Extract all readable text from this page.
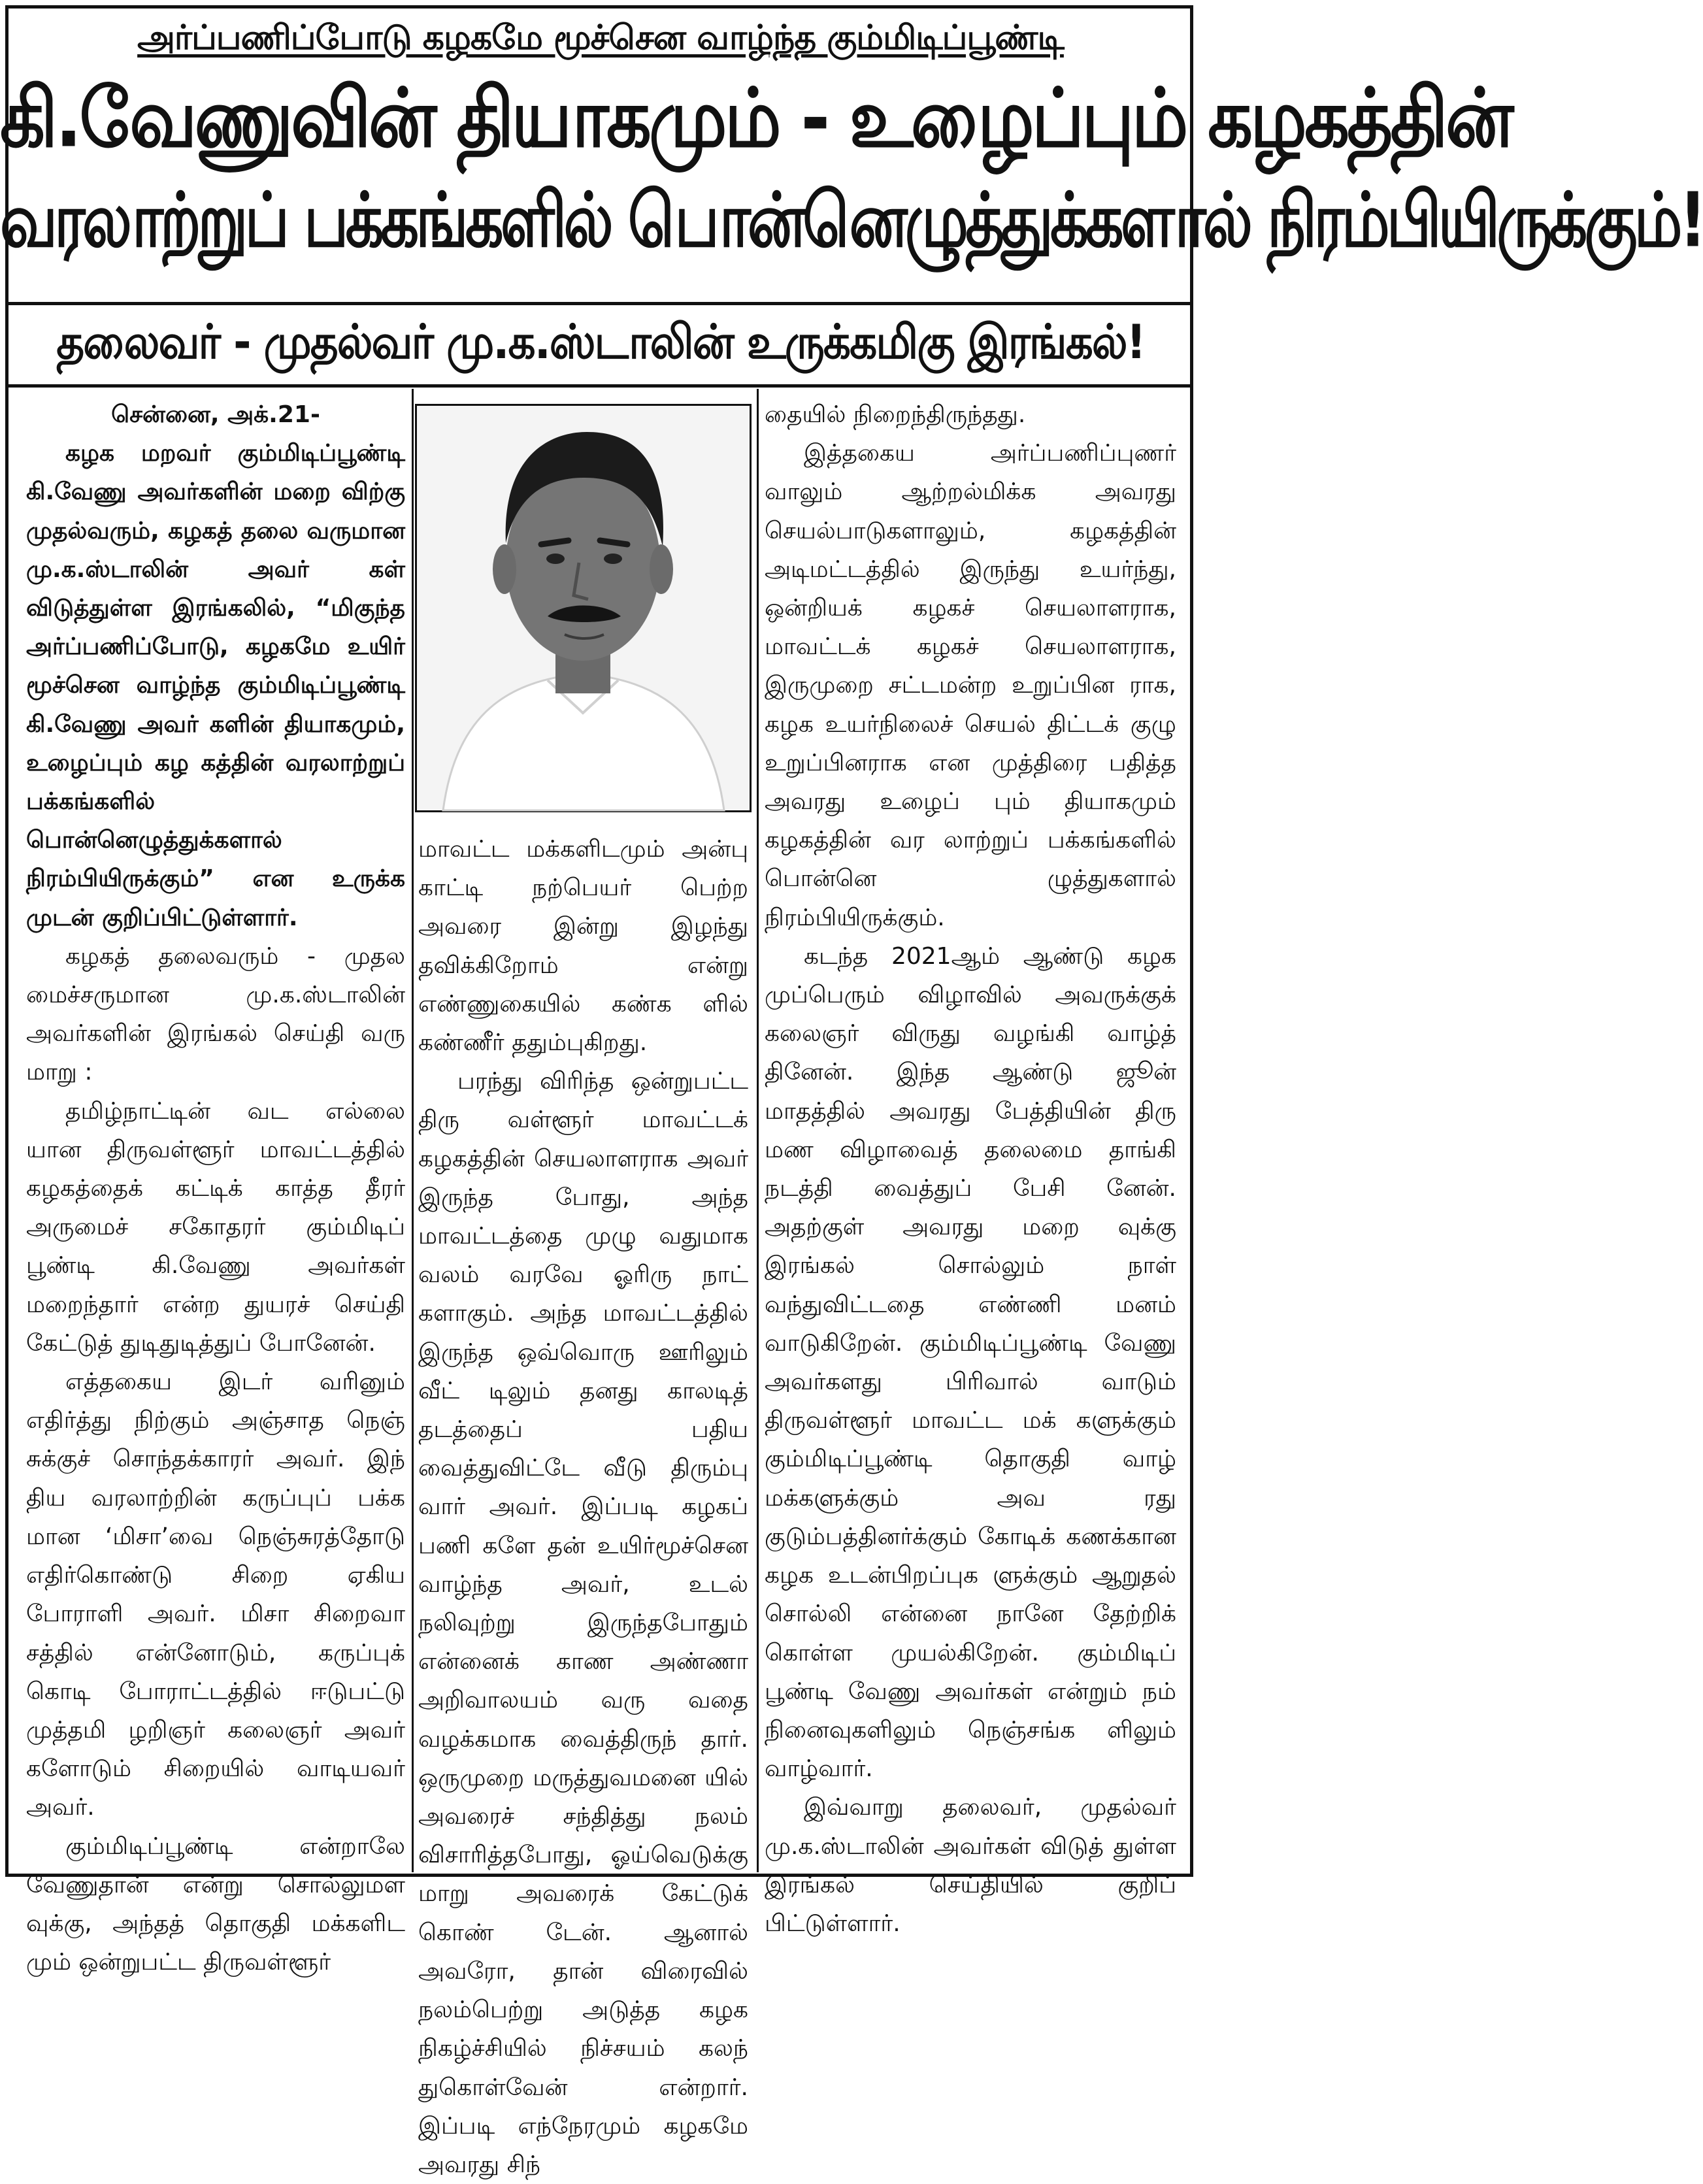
அர்ப்பணிப்போடு கழகமே மூச்சென வாழ்ந்த கும்மிடிப்பூண்டி
கி.வேணுவின் தியாகமும் - உழைப்பும் கழகத்தின்
வரலாற்றுப் பக்கங்களில் பொன்னெழுத்துக்களால் நிரம்பியிருக்கும்!
தலைவர் - முதல்வர் மு.க.ஸ்டாலின் உருக்கமிகு இரங்கல்!

சென்னை, அக்.21-

கழக மறவர் கும்மிடிப்பூண்டி கி.வேணு அவர்களின் மறை விற்கு முதல்வரும், கழகத் தலை வருமான மு.க.ஸ்டாலின் அவர் கள் விடுத்துள்ள இரங்கலில், “மிகுந்த அர்ப்பணிப்போடு, கழகமே உயிர் மூச்சென வாழ்ந்த கும்மிடிப்பூண்டி கி.வேணு அவர் களின் தியாகமும், உழைப்பும் கழ கத்தின் வரலாற்றுப் பக்கங்களில் பொன்னெழுத்துக்களால் நிரம்பியிருக்கும்” என உருக்க முடன் குறிப்பிட்டுள்ளார்.

கழகத் தலைவரும் - முதல மைச்சருமான மு.க.ஸ்டாலின் அவர்களின் இரங்கல் செய்தி வரு மாறு :

தமிழ்நாட்டின் வட எல்லை யான திருவள்ளூர் மாவட்டத்தில் கழகத்தைக் கட்டிக் காத்த தீரர் அருமைச் சகோதரர் கும்மிடிப் பூண்டி கி.வேணு அவர்கள் மறைந்தார் என்ற துயரச் செய்தி கேட்டுத் துடிதுடித்துப் போனேன்.

எத்தகைய இடர் வரினும் எதிர்த்து நிற்கும் அஞ்சாத நெஞ் சுக்குச் சொந்தக்காரர் அவர். இந் திய வரலாற்றின் கருப்புப் பக்க மான ‘மிசா’வை நெஞ்சுரத்தோடு எதிர்கொண்டு சிறை ஏகிய போராளி அவர். மிசா சிறைவா சத்தில் என்னோடும், கருப்புக் கொடி போராட்டத்தில் ஈடுபட்டு முத்தமி ழறிஞர் கலைஞர் அவர் களோடும் சிறையில் வாடியவர் அவர்.

கும்மிடிப்பூண்டி என்றாலே வேணுதான் என்று சொல்லுமள வுக்கு, அந்தத் தொகுதி மக்களிட மும் ஒன்றுபட்ட திருவள்ளூர்

மாவட்ட மக்களிடமும் அன்பு காட்டி நற்பெயர் பெற்ற அவரை இன்று இழந்து தவிக்கிறோம் என்று எண்ணுகையில் கண்க ளில் கண்ணீர் ததும்புகிறது.

பரந்து விரிந்த ஒன்றுபட்ட திரு வள்ளூர் மாவட்டக் கழகத்தின் செயலாளராக அவர் இருந்த போது, அந்த மாவட்டத்தை முழு வதுமாக வலம் வரவே ஓரிரு நாட் களாகும். அந்த மாவட்டத்தில் இருந்த ஒவ்வொரு ஊரிலும் வீட் டிலும் தனது காலடித் தடத்தைப் பதிய வைத்துவிட்டே வீடு திரும்பு வார் அவர். இப்படி கழகப் பணி களே தன் உயிர்மூச்சென வாழ்ந்த அவர், உடல் நலிவுற்று இருந்தபோதும் என்னைக் காண அண்ணா அறிவாலயம் வரு வதை வழக்கமாக வைத்திருந் தார். ஒருமுறை மருத்துவமனை யில் அவரைச் சந்தித்து நலம் விசாரித்தபோது, ஓய்வெடுக்கு மாறு அவரைக் கேட்டுக் கொண் டேன். ஆனால் அவரோ, தான் விரைவில் நலம்பெற்று அடுத்த கழக நிகழ்ச்சியில் நிச்சயம் கலந் துகொள்வேன் என்றார். இப்படி எந்நேரமும் கழகமே அவரது சிந்

தையில் நிறைந்திருந்தது.

இத்தகைய அர்ப்பணிப்புணர் வாலும் ஆற்றல்மிக்க அவரது செயல்பாடுகளாலும், கழகத்தின் அடிமட்டத்தில் இருந்து உயர்ந்து, ஒன்றியக் கழகச் செயலாளராக, மாவட்டக் கழகச் செயலாளராக, இருமுறை சட்டமன்ற உறுப்பின ராக, கழக உயர்நிலைச் செயல் திட்டக் குழு உறுப்பினராக என முத்திரை பதித்த அவரது உழைப் பும் தியாகமும் கழகத்தின் வர லாற்றுப் பக்கங்களில் பொன்னெ ழுத்துகளால் நிரம்பியிருக்கும்.

கடந்த 2021ஆம் ஆண்டு கழக முப்பெரும் விழாவில் அவருக்குக் கலைஞர் விருது வழங்கி வாழ்த் தினேன். இந்த ஆண்டு ஜூன் மாதத்தில் அவரது பேத்தியின் திரு மண விழாவைத் தலைமை தாங்கி நடத்தி வைத்துப் பேசி னேன். அதற்குள் அவரது மறை வுக்கு இரங்கல் சொல்லும் நாள் வந்துவிட்டதை எண்ணி மனம் வாடுகிறேன். கும்மிடிப்பூண்டி வேணு அவர்களது பிரிவால் வாடும் திருவள்ளூர் மாவட்ட மக் களுக்கும் கும்மிடிப்பூண்டி தொகுதி வாழ் மக்களுக்கும் அவ ரது குடும்பத்தினர்க்கும் கோடிக் கணக்கான கழக உடன்பிறப்புக ளுக்கும் ஆறுதல் சொல்லி என்னை நானே தேற்றிக் கொள்ள முயல்கிறேன். கும்மிடிப் பூண்டி வேணு அவர்கள் என்றும் நம் நினைவுகளிலும் நெஞ்சங்க ளிலும் வாழ்வார்.

இவ்வாறு தலைவர், முதல்வர் மு.க.ஸ்டாலின் அவர்கள் விடுத் துள்ள இரங்கல் செய்தியில் குறிப் பிட்டுள்ளார்.
